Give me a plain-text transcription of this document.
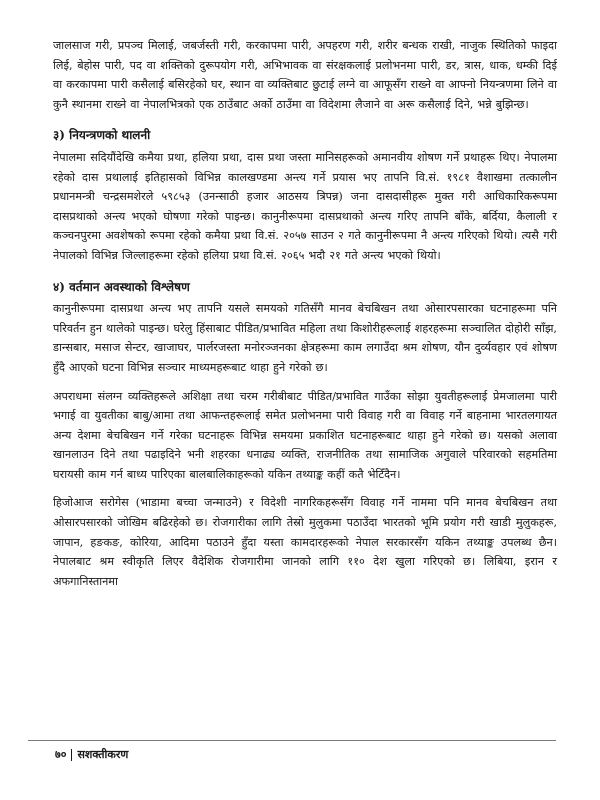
जालसाज गरी, प्रपञ्च मिलाई, जबर्जस्ती गरी, करकापमा पारी, अपहरण गरी, शरीर बन्धक राखी, नाजुक स्थितिको फाइदा लिई, बेहोस पारी, पद वा शक्तिको दुरूपयोग गरी, अभिभावक वा संरक्षकलाई प्रलोभनमा पारी, डर, त्रास, धाक, धम्की दिई वा करकापमा पारी कसैलाई बसिरहेको घर, स्थान वा व्यक्तिबाट छुटाई लग्ने वा आफूसँग राख्ने वा आफ्नो नियन्त्रणमा लिने वा कुनै स्थानमा राख्ने वा नेपालभित्रको एक ठाउँबाट अर्को ठाउँमा वा विदेशमा लैजाने वा अरू कसैलाई दिने, भन्ने बुझिन्छ।

३) नियन्त्रणको थालनी

नेपालमा सदियौंदेखि कमैया प्रथा, हलिया प्रथा, दास प्रथा जस्ता मानिसहरूको अमानवीय शोषण गर्ने प्रथाहरू थिए। नेपालमा रहेको दास प्रथालाई इतिहासको विभिन्न कालखण्डमा अन्त्य गर्ने प्रयास भए तापनि वि.सं. १९८१ वैशाखमा तत्कालीन प्रधानमन्त्री चन्द्रसमशेरले ५९८५३ (उनन्साठी हजार आठसय त्रिपन्न) जना दासदासीहरू मुक्त गरी आधिकारिकरूपमा दासप्रथाको अन्त्य भएको घोषणा गरेको पाइन्छ। कानुनीरूपमा दासप्रथाको अन्त्य गरिए तापनि बाँके, बर्दिया, कैलाली र कञ्चनपुरमा अवशेषको रूपमा रहेको कमैया प्रथा वि.सं. २०५७ साउन २ गते कानुनीरूपमा नै अन्त्य गरिएको थियो। त्यसै गरी नेपालको विभिन्न जिल्लाहरूमा रहेको हलिया प्रथा वि.सं. २०६५ भदौ २१ गते अन्त्य भएको थियो।

४) वर्तमान अवस्थाको विश्लेषण

कानुनीरूपमा दासप्रथा अन्त्य भए तापनि यसले समयको गतिसँगै मानव बेचबिखन तथा ओसारपसारका घटनाहरूमा पनि परिवर्तन हुन थालेको पाइन्छ। घरेलु हिंसाबाट पीडित/प्रभावित महिला तथा किशोरीहरूलाई शहरहरूमा सञ्चालित दोहोरी साँझ, डान्सबार, मसाज सेन्टर, खाजाघर, पार्लरजस्ता मनोरञ्जनका क्षेत्रहरूमा काम लगाउँदा श्रम शोषण, यौन दुर्व्यवहार एवं शोषण हुँदै आएको घटना विभिन्न सञ्चार माध्यमहरूबाट थाहा हुने गरेको छ।

अपराधमा संलग्न व्यक्तिहरूले अशिक्षा तथा चरम गरीबीबाट पीडित/प्रभावित गाउँका सोझा युवतीहरूलाई प्रेमजालमा पारी भगाई वा युवतीका बाबु/आमा तथा आफन्तहरूलाई समेत प्रलोभनमा पारी विवाह गरी वा विवाह गर्ने बाहनामा भारतलगायत अन्य देशमा बेचबिखन गर्ने गरेका घटनाहरू विभिन्न समयमा प्रकाशित घटनाहरूबाट थाहा हुने गरेको छ। यसको अलावा खानलाउन दिने तथा पढाइदिने भनी शहरका धनाढ्य व्यक्ति, राजनीतिक तथा सामाजिक अगुवाले परिवारको सहमतिमा घरायसी काम गर्न बाध्य पारिएका बालबालिकाहरूको यकिन तथ्याङ्क कहीं कतै भेटिँदैन।

हिजोआज सरोगेस (भाडामा बच्चा जन्माउने) र विदेशी नागरिकहरूसँग विवाह गर्ने नाममा पनि मानव बेचबिखन तथा ओसारपसारको जोखिम बढिरहेको छ। रोजगारीका लागि तेस्रो मुलुकमा पठाउँदा भारतको भूमि प्रयोग गरी खाडी मुलुकहरू, जापान, हङकङ, कोरिया, आदिमा पठाउने हुँदा यस्ता कामदारहरूको नेपाल सरकारसँग यकिन तथ्याङ्क उपलब्ध छैन। नेपालबाट श्रम स्वीकृति लिएर वैदेशिक रोजगारीमा जानको लागि ११० देश खुला गरिएको छ। लिबिया, इरान र अफगानिस्तानमा

७० सशक्तीकरण
